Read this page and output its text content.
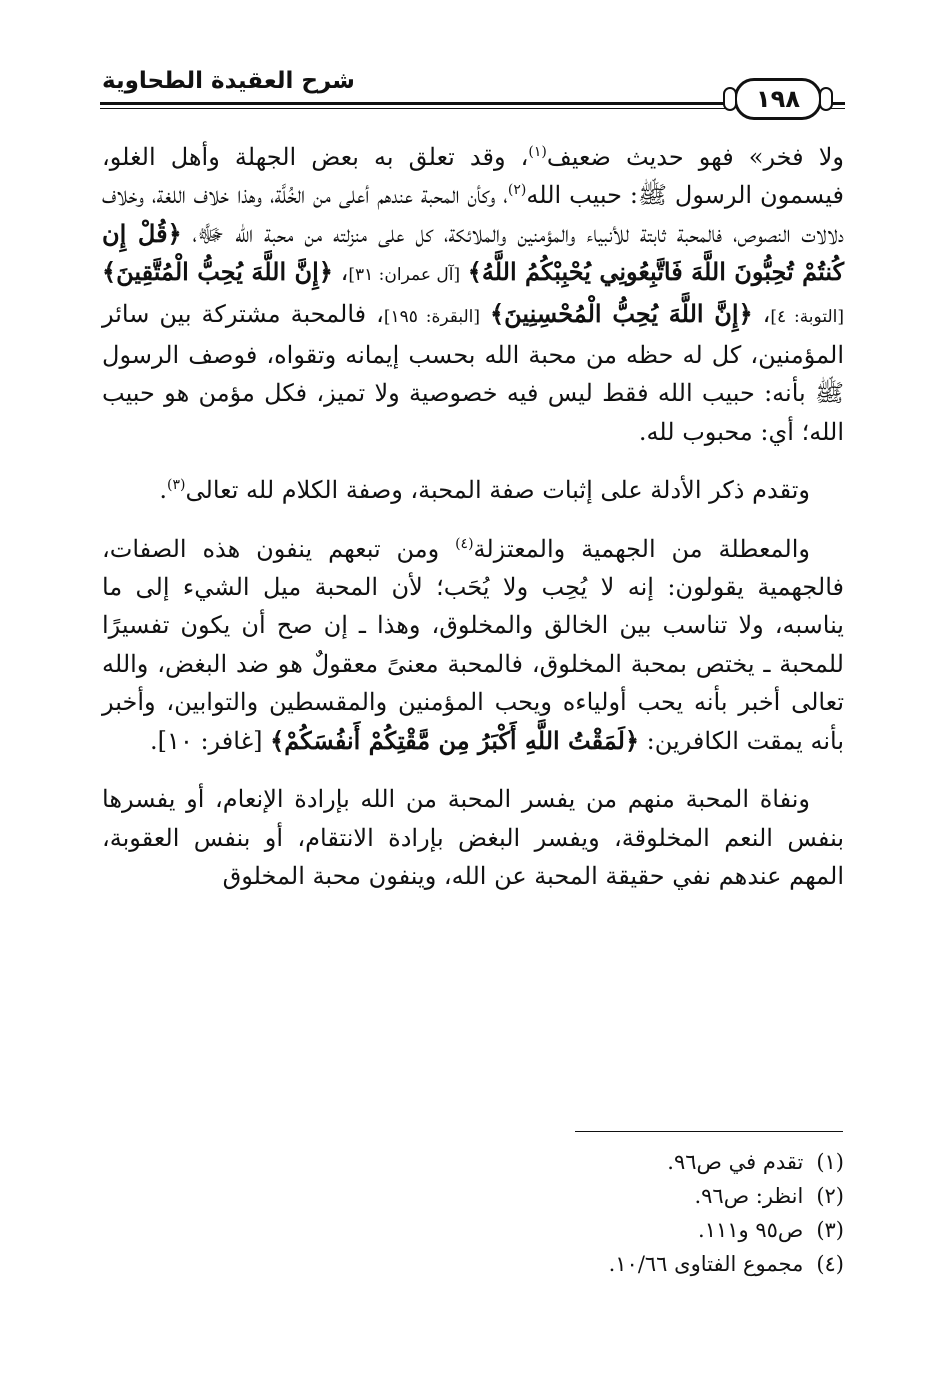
شرح العقيدة الطحاوية
١٩٨

ولا فخر» فهو حديث ضعيف$^{(١)}$، وقد تعلق به بعض الجهلة وأهل الغلو، فيسمون الرسول ﷺ: حبيب الله$^{(٢)}$، وكأن المحبة عندهم أعلى من الخُلَّة، وهذا خلاف اللغة، وخلاف دلالات النصوص، فالمحبة ثابتة للأنبياء والمؤمنين والملائكة، كل على منزلته من محبة الله ﷻ، ﴿قُلْ إِن كُنتُمْ تُحِبُّونَ اللَّهَ فَاتَّبِعُونِي يُحْبِبْكُمُ اللَّهُ﴾ [آل عمران: ٣١]، ﴿إِنَّ اللَّهَ يُحِبُّ الْمُتَّقِينَ﴾ [التوبة: ٤]، ﴿إِنَّ اللَّهَ يُحِبُّ الْمُحْسِنِينَ﴾ [البقرة: ١٩٥]، فالمحبة مشتركة بين سائر المؤمنين، كل له حظه من محبة الله بحسب إيمانه وتقواه، فوصف الرسول ﷺ بأنه: حبيب الله فقط ليس فيه خصوصية ولا تميز، فكل مؤمن هو حبيب الله؛ أي: محبوب لله.

وتقدم ذكر الأدلة على إثبات صفة المحبة، وصفة الكلام لله تعالى$^{(٣)}$.

والمعطلة من الجهمية والمعتزلة$^{(٤)}$ ومن تبعهم ينفون هذه الصفات، فالجهمية يقولون: إنه لا يُحِب ولا يُحَب؛ لأن المحبة ميل الشيء إلى ما يناسبه، ولا تناسب بين الخالق والمخلوق، وهذا ـ إن صح أن يكون تفسيرًا للمحبة ـ يختص بمحبة المخلوق، فالمحبة معنىً معقولٌ هو ضد البغض، والله تعالى أخبر بأنه يحب أولياءه ويحب المؤمنين والمقسطين والتوابين، وأخبر بأنه يمقت الكافرين: ﴿لَمَقْتُ اللَّهِ أَكْبَرُ مِن مَّقْتِكُمْ أَنفُسَكُمْ﴾ [غافر: ١٠].

ونفاة المحبة منهم من يفسر المحبة من الله بإرادة الإنعام، أو يفسرها بنفس النعم المخلوقة، ويفسر البغض بإرادة الانتقام، أو بنفس العقوبة، المهم عندهم نفي حقيقة المحبة عن الله، وينفون محبة المخلوق

(١) تقدم في ص٩٦.
(٢) انظر: ص٩٦.
(٣) ص٩٥ و١١١.
(٤) مجموع الفتاوى ١٠/٦٦.
